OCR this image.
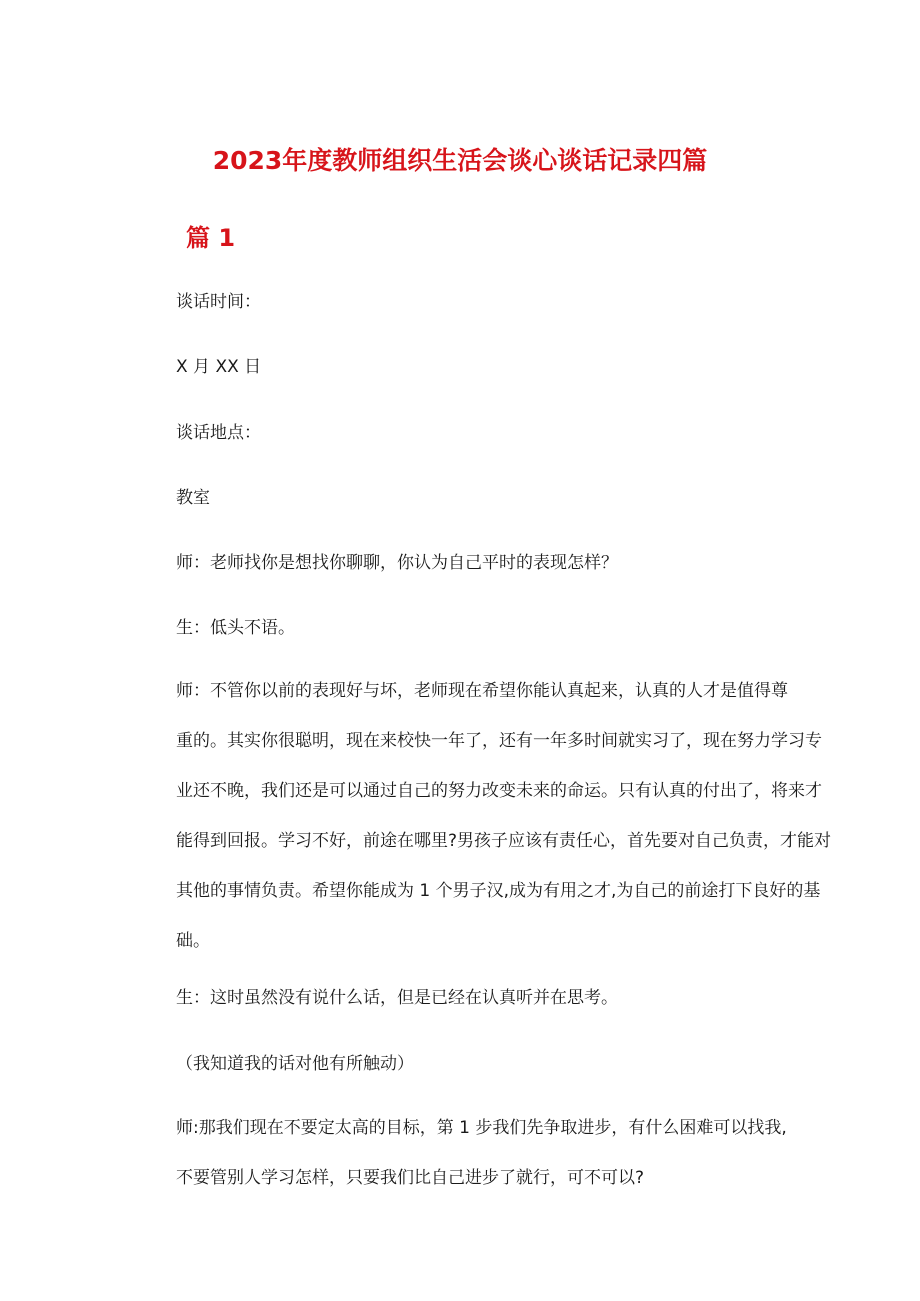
2023年度教师组织生活会谈心谈话记录四篇
篇 1
谈话时间：
X 月 XX 日
谈话地点：
教室
师：老师找你是想找你聊聊，你认为自己平时的表现怎样？
生：低头不语。
师：不管你以前的表现好与坏，老师现在希望你能认真起来，认真的人才是值得尊
重的。其实你很聪明，现在来校快一年了，还有一年多时间就实习了，现在努力学习专
业还不晚，我们还是可以通过自己的努力改变未来的命运。只有认真的付出了，将来才
能得到回报。学习不好，前途在哪里?男孩子应该有责任心，首先要对自己负责，才能对
其他的事情负责。希望你能成为 1 个男子汉,成为有用之才,为自己的前途打下良好的基
础。
生：这时虽然没有说什么话，但是已经在认真听并在思考。
（我知道我的话对他有所触动）
师:那我们现在不要定太高的目标，第 1 步我们先争取进步，有什么困难可以找我,
不要管别人学习怎样，只要我们比自己进步了就行，可不可以?
